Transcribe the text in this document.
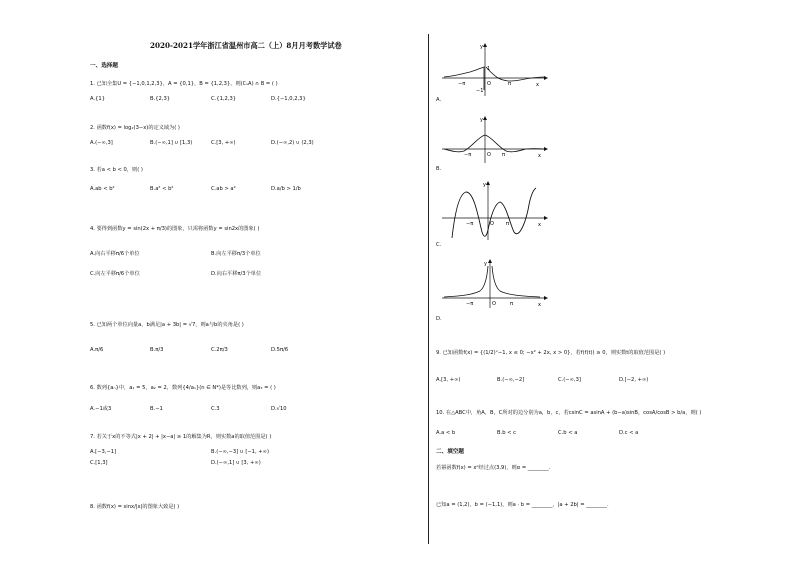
2020-2021学年浙江省温州市高二（上）8月月考数学试卷
一、选择题
1. 已知全集U = {−1,0,1,2,3}，A = {0,1}，B = {1,2,3}，则(∁ᵤA) ∩ B = ( )
A.{1}	B.{2,3}	C.{1,2,3}	D.{−1,0,2,3}
2. 函数f(x) = log₂(3−x)的定义域为( )
A.(−∞,3]	B.(−∞,1] ∪ [1,3)	C.[3, +∞)	D.(−∞,2) ∪ (2,3)
3. 若a < b < 0，则( )
A.ab < b²	B.a² < b²	C.ab > a²	D.a/b > 1/b
4. 要得到函数y = sin(2x + π/3)的图象，只需将函数y = sin2x的图象( )
A.向右平移π/6个单位	B.向左平移π/3个单位
C.向左平移π/6个单位	D.向右平移π/3个单位
5. 已知两个单位向量a，b满足|a + 3b| = √7，则a与b的夹角是( )
A.π/6	B.π/3	C.2π/3	D.5π/6
6. 数列{aₙ}中，a₁ = 5，a₂ = 2，数列{4/aₙ}(n ∈ N*)是等比数列，则a₃ = ( )
A.−1或3	B.−1	C.3	D.√10
7. 若关于x的不等式|x + 2| + |x−a| ≥ 1的解集为R，则实数a的取值范围是( )
A.[−3,−1]	B.(−∞,−3] ∪ [−1, +∞)
C.[1,3]	D.(−∞,1] ∪ [3, +∞)
8. 函数f(x) = sinx/|x|的图象大致是( )
y
x
O
−π	π
1
−1
A.
y
x
O
−π	π
B.
y
x
O
−π	π
C.
y
x
O
−π	π
D.
9. 已知函数f(x) = {(1/2)ˣ−1, x ≤ 0; −x² + 2x, x > 0}，若f(f(t)) ≥ 0，则实数t的取值范围是( )
A.[3, +∞)	B.(−∞,−2]	C.(−∞,3]	D.[−2, +∞)
10. 在△ABC中，角A，B，C所对的边分别为a，b，c，若csinC = asinA + (b−a)sinB，cosA/cosB > b/a，则( )
A.a < b	B.b < c	C.b < a	D.c < a
二、填空题
若幂函数f(x) = xᵅ经过点(3,9)，则α = ________.
已知a = (1,2)，b = (−1,1)，则a · b = ________，|a + 2b| = ________.
